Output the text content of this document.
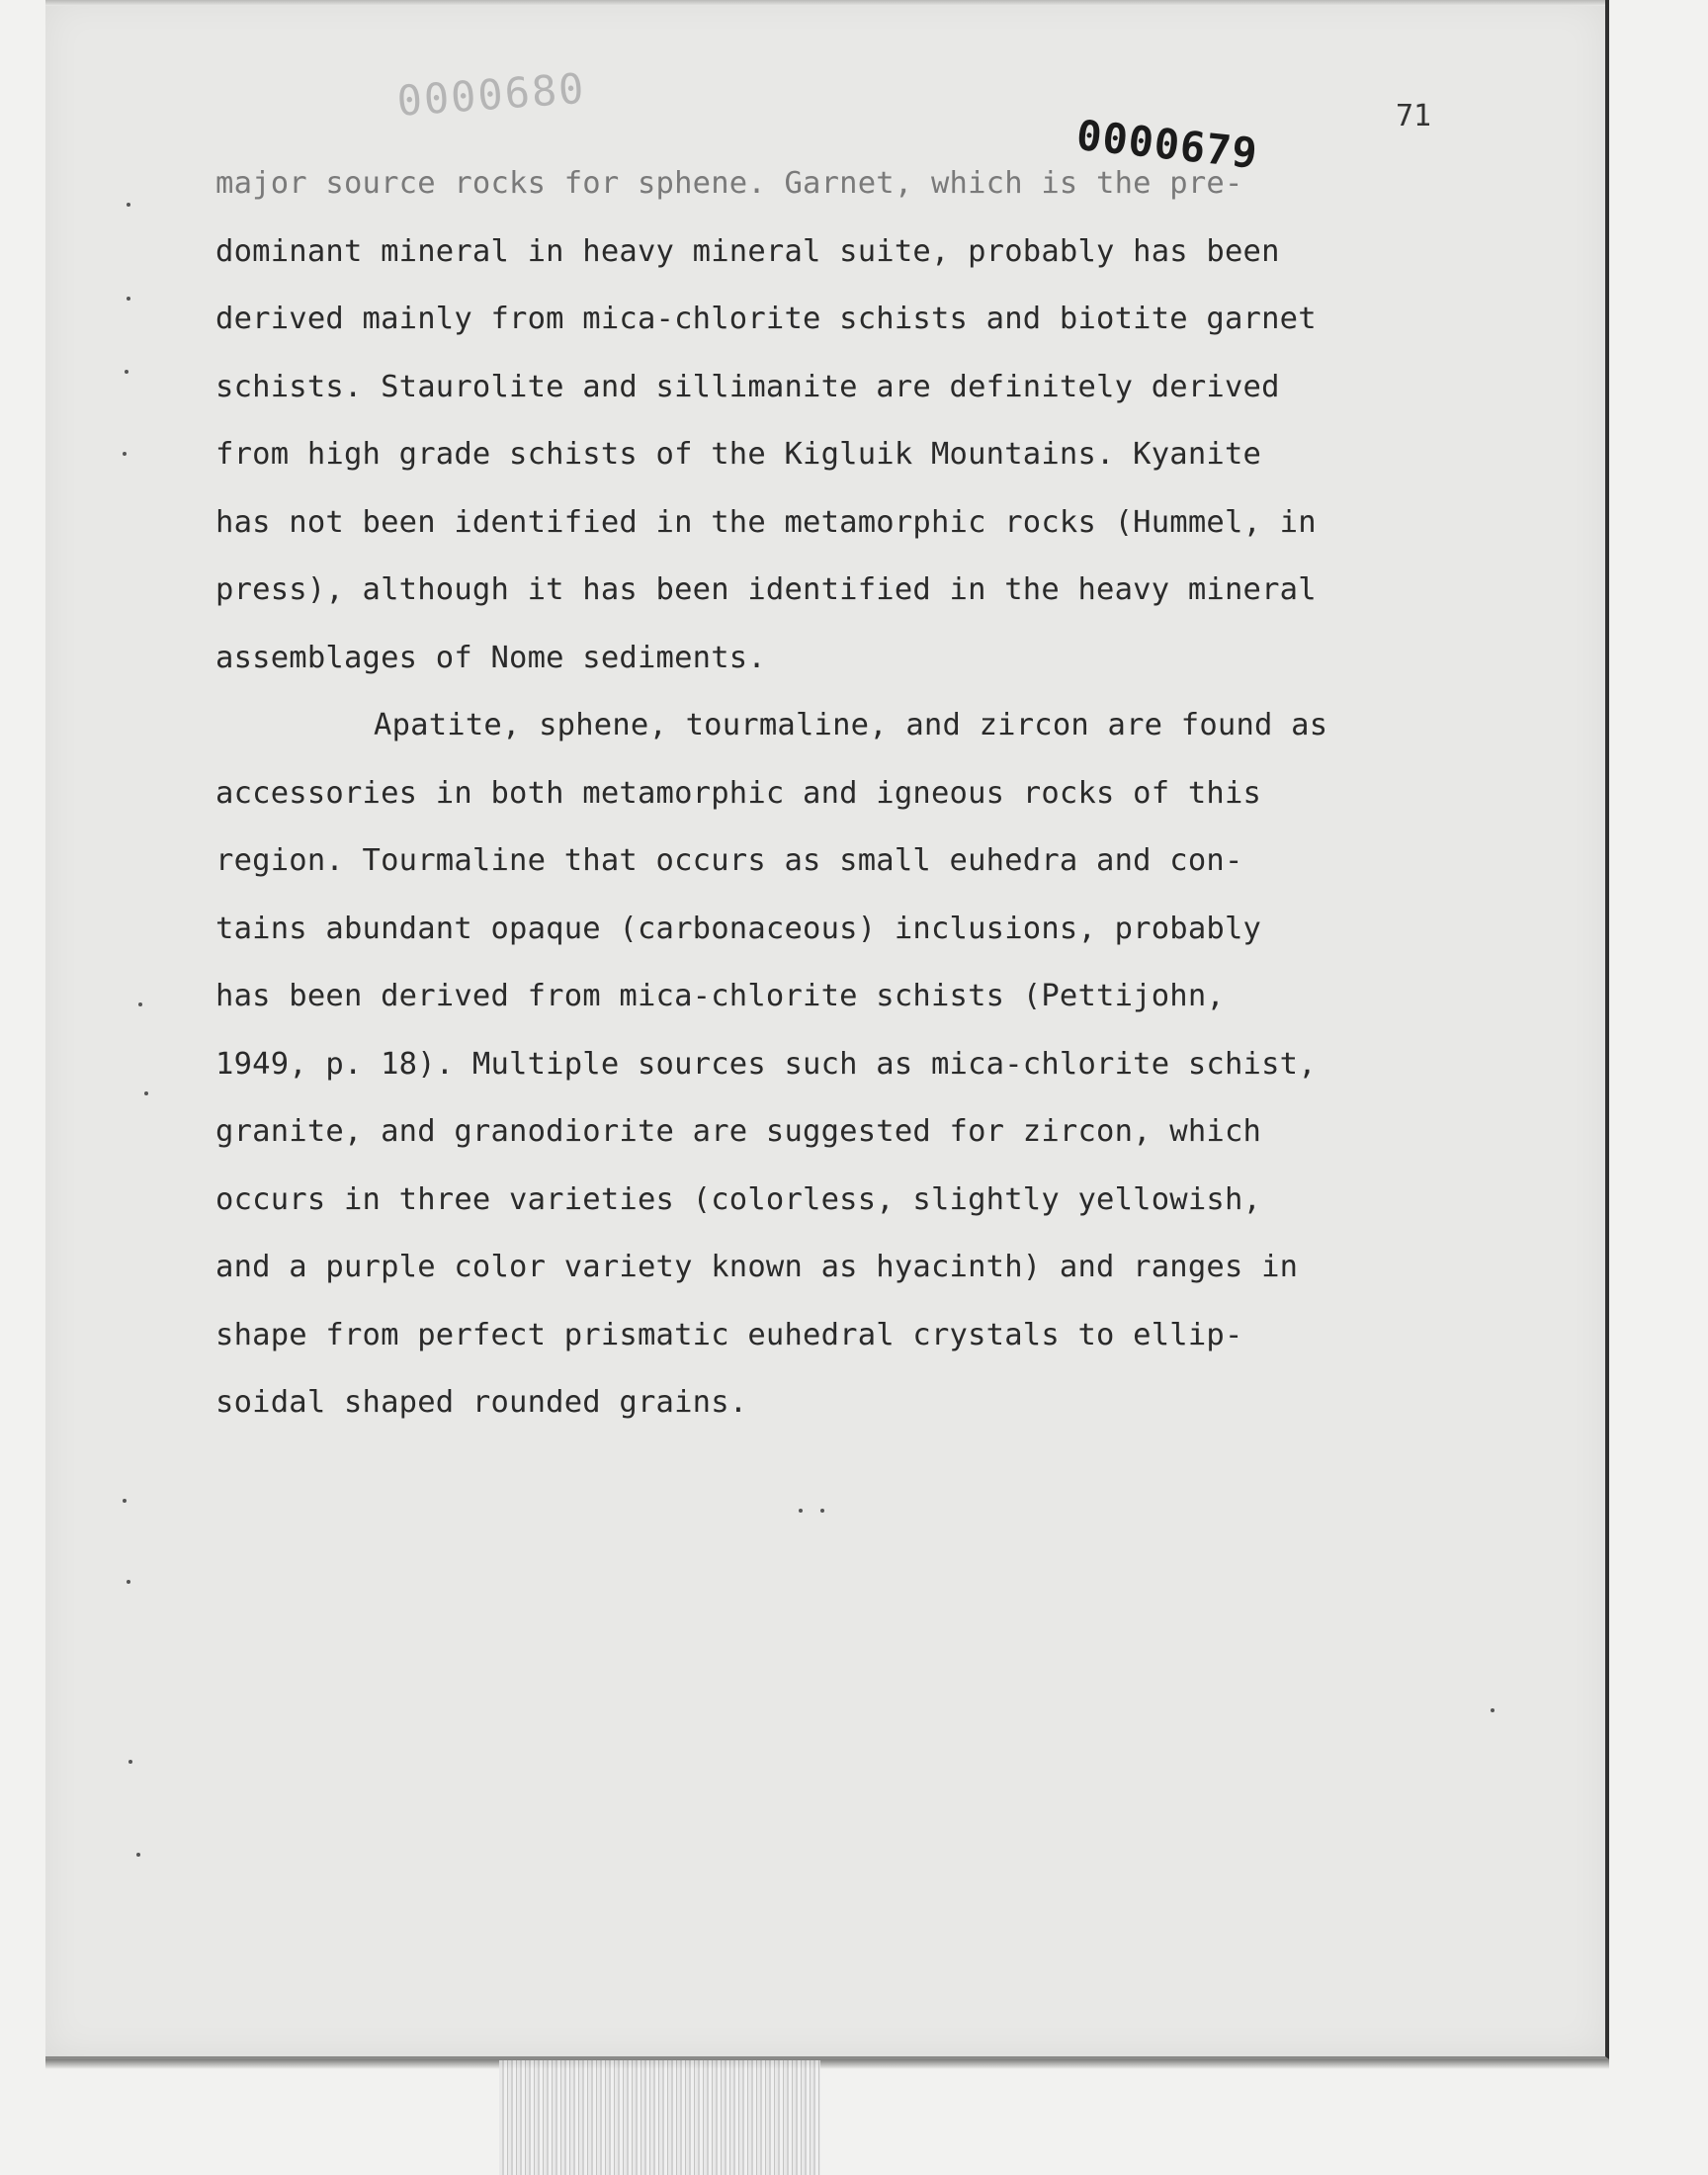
0000680	71
0000679
major source rocks for sphene. Garnet, which is the pre-
dominant mineral in heavy mineral suite, probably has been
derived mainly from mica-chlorite schists and biotite garnet
schists. Staurolite and sillimanite are definitely derived
from high grade schists of the Kigluik Mountains. Kyanite
has not been identified in the metamorphic rocks (Hummel, in
press), although it has been identified in the heavy mineral
assemblages of Nome sediments.
Apatite, sphene, tourmaline, and zircon are found as
accessories in both metamorphic and igneous rocks of this
region. Tourmaline that occurs as small euhedra and con-
tains abundant opaque (carbonaceous) inclusions, probably
has been derived from mica-chlorite schists (Pettijohn,
1949, p. 18). Multiple sources such as mica-chlorite schist,
granite, and granodiorite are suggested for zircon, which
occurs in three varieties (colorless, slightly yellowish,
and a purple color variety known as hyacinth) and ranges in
shape from perfect prismatic euhedral crystals to ellip-
soidal shaped rounded grains.
